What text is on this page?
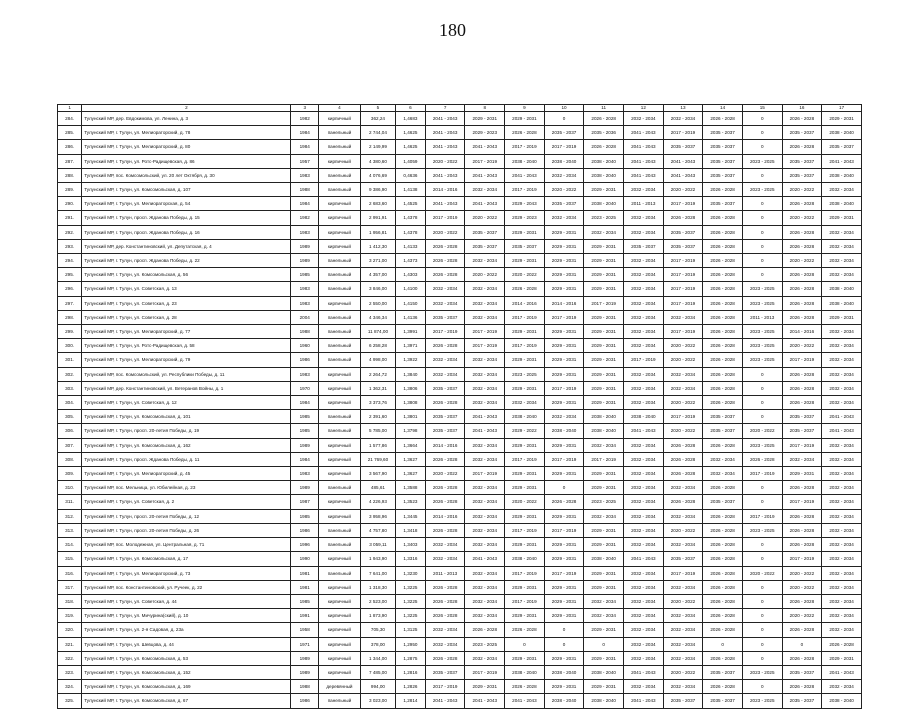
180
1	2	3	4	5	6	7	8	9	10	11	12	13	14	15	16	17
284.	Тулунский МР, дер. Евдокимова, ул. Ленина, д. 3	1982	кирпичный	362,24	1,4683	2041 - 2043	2029 - 2031	2029 - 2031	0	2026 - 2028	2032 - 2034	2032 - 2034	2026 - 2028	0	2026 - 2028	2029 - 2031
285.	Тулунский МР, г. Тулун, ул. Мелиораторский, д. 78	1984	панельный	2 744,04	1,4625	2041 - 2043	2029 - 2023	2026 - 2028	2035 - 2037	2035 - 2036	2041 - 2043	2017 - 2019	2035 - 2037	0	2035 - 2037	2038 - 2040
286.	Тулунский МР, г. Тулун, ул. Мелиораторский, д. 80	1984	панельный	2 149,99	1,4625	2041 - 2043	2041 - 2043	2017 - 2019	2017 - 2019	2026 - 2028	2041 - 2043	2035 - 2037	2035 - 2037	0	2026 - 2028	2035 - 2037
287.	Тулунский МР, г. Тулун, ул. Ротс-Радищевская, д. 86	1957	кирпичный	4 380,60	1,4059	2020 - 2022	2017 - 2019	2038 - 2040	2038 - 2040	2038 - 2040	2041 - 2043	2041 - 2043	2035 - 2037	2023 - 2025	2035 - 2037	2041 - 2043
288.	Тулунский МР, пос. Комсомольский, ул. 20 лет Октября, д. 30	1983	панельный	4 076,69	0,4636	2041 - 2043	2041 - 2043	2041 - 2043	2032 - 2034	2038 - 2040	2041 - 2043	2041 - 2043	2035 - 2037	0	2035 - 2037	2038 - 2040
289.	Тулунский МР, г. Тулун, ул. Комсомольская, д. 107	1988	панельный	9 386,90	1,4138	2014 - 2016	2032 - 2034	2017 - 2019	2020 - 2022	2029 - 2031	2032 - 2034	2020 - 2022	2026 - 2028	2023 - 2025	2020 - 2022	2032 - 2034
290.	Тулунский МР, г. Тулун, ул. Мелиораторская, д. 54	1984	кирпичный	2 683,60	1,4525	2041 - 2043	2041 - 2043	2029 - 2043	2035 - 2037	2038 - 2040	2011 - 2013	2017 - 2019	2035 - 2037	0	2026 - 2028	2038 - 2040
291.	Тулунский МР, г. Тулун, просп. Жданова Победы, д. 15	1982	кирпичный	2 991,91	1,4378	2017 - 2019	2020 - 2022	2029 - 2023	2032 - 2034	2023 - 2025	2032 - 2034	2026 - 2028	2026 - 2028	0	2020 - 2022	2029 - 2031
292.	Тулунский МР, г. Тулун, просп. Жданова Победы, д. 16	1983	кирпичный	1 956,81	1,4378	2020 - 2022	2035 - 2037	2029 - 2031	2029 - 2031	2032 - 2034	2032 - 2034	2035 - 2037	2026 - 2028	0	2026 - 2028	2032 - 2034
293.	Тулунский МР, дер. Константиновский, ул. Депутатская, д. 4	1989	кирпичный	1 412,30	1,4133	2026 - 2028	2035 - 2037	2035 - 2037	2029 - 2031	2029 - 2031	2035 - 2037	2035 - 2037	2026 - 2028	0	2026 - 2028	2032 - 2034
294.	Тулунский МР, г. Тулун, просп. Жданова Победы, д. 22	1989	панельный	3 271,00	1,4373	2026 - 2028	2032 - 2034	2029 - 2031	2029 - 2031	2029 - 2031	2032 - 2034	2017 - 2019	2026 - 2028	0	2020 - 2022	2032 - 2034
295.	Тулунский МР, г. Тулун, ул. Комсомольская, д. 56	1985	панельный	4 357,00	1,4303	2026 - 2028	2020 - 2022	2020 - 2022	2029 - 2031	2029 - 2031	2032 - 2034	2017 - 2019	2026 - 2028	0	2026 - 2028	2032 - 2034
296.	Тулунский МР, г. Тулун, ул. Советская, д. 13	1983	панельный	3 846,00	1,4100	2032 - 2034	2032 - 2034	2026 - 2028	2029 - 2031	2029 - 2031	2032 - 2034	2017 - 2019	2026 - 2028	2023 - 2025	2026 - 2028	2038 - 2040
297.	Тулунский МР, г. Тулун, ул. Советская, д. 23	1983	кирпичный	2 550,00	1,4150	2032 - 2034	2032 - 2034	2014 - 2016	2014 - 2016	2017 - 2019	2032 - 2034	2017 - 2019	2026 - 2028	2023 - 2025	2026 - 2028	2038 - 2040
298.	Тулунский МР, г. Тулун, ул. Советская, д. 28	2004	панельный	4 346,34	1,4136	2035 - 2037	2032 - 2034	2017 - 2019	2017 - 2019	2029 - 2031	2032 - 2034	2032 - 2034	2026 - 2028	2011 - 2013	2026 - 2028	2029 - 2031
299.	Тулунский МР, г. Тулун, ул. Мелиораторский, д. 77	1988	панельный	11 874,00	1,3991	2017 - 2019	2017 - 2019	2029 - 2031	2029 - 2031	2029 - 2031	2032 - 2034	2017 - 2019	2026 - 2028	2023 - 2025	2014 - 2016	2032 - 2034
300.	Тулунский МР, г. Тулун, ул. Ротс-Радищевская, д. 58	1960	панельный	6 258,28	1,3971	2026 - 2028	2017 - 2019	2017 - 2019	2029 - 2031	2029 - 2031	2032 - 2034	2020 - 2022	2026 - 2028	2023 - 2025	2020 - 2022	2032 - 2034
301.	Тулунский МР, г. Тулун, ул. Мелиораторский, д. 79	1986	панельный	4 998,00	1,3922	2032 - 2034	2032 - 2034	2029 - 2031	2029 - 2031	2029 - 2031	2017 - 2019	2020 - 2022	2026 - 2028	2023 - 2025	2017 - 2019	2032 - 2034
302.	Тулунский МР, пос. Комсомольский, ул. Республики Победы, д. 11	1983	кирпичный	2 264,72	1,3840	2032 - 2034	2032 - 2034	2023 - 2025	2029 - 2031	2029 - 2031	2032 - 2034	2032 - 2034	2026 - 2028	0	2026 - 2028	2032 - 2034
303.	Тулунский МР, дер. Константиновский, ул. Ветеранов Войны, д. 1	1970	кирпичный	1 362,31	1,3806	2035 - 2037	2032 - 2034	2029 - 2031	2017 - 2019	2029 - 2031	2032 - 2034	2032 - 2034	2026 - 2028	0	2026 - 2028	2032 - 2034
304.	Тулунский МР, г. Тулун, ул. Советская, д. 12	1984	кирпичный	3 373,76	1,3808	2026 - 2028	2032 - 2034	2032 - 2034	2029 - 2031	2029 - 2031	2032 - 2034	2020 - 2022	2026 - 2028	0	2026 - 2028	2032 - 2034
305.	Тулунский МР, г. Тулун, ул. Комсомольская, д. 101	1985	панельный	2 391,60	1,3801	2035 - 2037	2041 - 2043	2038 - 2040	2032 - 2034	2038 - 2040	2038 - 2040	2017 - 2019	2035 - 2037	0	2035 - 2037	2041 - 2043
306.	Тулунский МР, г. Тулун, просп. 20-летия Победы, д. 19	1985	панельный	5 785,00	1,3798	2035 - 2037	2041 - 2043	2029 - 2022	2038 - 2040	2038 - 2040	2041 - 2043	2020 - 2022	2035 - 2037	2020 - 2022	2035 - 2037	2041 - 2043
307.	Тулунский МР, г. Тулун, ул. Комсомольская, д. 162	1989	кирпичный	1 577,86	1,3664	2014 - 2016	2032 - 2034	2029 - 2031	2029 - 2031	2032 - 2034	2032 - 2034	2026 - 2028	2026 - 2028	2023 - 2025	2017 - 2019	2032 - 2034
308.	Тулунский МР, г. Тулун, просп. Жданова Победы, д. 11	1984	кирпичный	21 769,60	1,3627	2026 - 2028	2032 - 2034	2017 - 2019	2017 - 2019	2017 - 2019	2032 - 2034	2026 - 2028	2032 - 2034	2026 - 2028	2032 - 2034	2032 - 2034
309.	Тулунский МР, г. Тулун, ул. Мелиораторский, д. 45	1983	кирпичный	3 567,90	1,3627	2020 - 2022	2017 - 2019	2029 - 2031	2029 - 2031	2029 - 2031	2032 - 2034	2026 - 2028	2032 - 2034	2017 - 2019	2029 - 2031	2032 - 2034
310.	Тулунский МР, пос. Мельница, ул. Юбилейная, д. 23	1989	панельный	485,61	1,3588	2026 - 2028	2032 - 2034	2029 - 2031	0	2029 - 2031	2032 - 2034	2032 - 2034	2026 - 2028	0	2026 - 2028	2032 - 2034
311.	Тулунский МР, г. Тулун, ул. Советская, д. 2	1987	кирпичный	4 226,93	1,3523	2026 - 2028	2032 - 2034	2020 - 2022	2026 - 2028	2023 - 2025	2032 - 2034	2026 - 2028	2035 - 2037	0	2017 - 2019	2032 - 2034
312.	Тулунский МР, г. Тулун, просп. 20-летия Победы, д. 12	1985	кирпичный	3 958,96	1,3445	2014 - 2016	2032 - 2034	2029 - 2031	2029 - 2031	2032 - 2034	2032 - 2034	2032 - 2034	2026 - 2028	2017 - 2019	2026 - 2028	2032 - 2034
313.	Тулунский МР, г. Тулун, просп. 20-летия Победы, д. 26	1986	панельный	4 757,80	1,3418	2026 - 2028	2032 - 2034	2017 - 2019	2017 - 2019	2029 - 2031	2032 - 2034	2020 - 2022	2026 - 2028	2023 - 2025	2026 - 2028	2032 - 2034
314.	Тулунский МР, пос. Молодежная, ул. Центральная, д. 71	1996	панельный	3 059,11	1,3403	2032 - 2034	2032 - 2034	2029 - 2031	2029 - 2031	2029 - 2031	2032 - 2034	2032 - 2034	2026 - 2028	0	2026 - 2028	2032 - 2034
315.	Тулунский МР, г. Тулун, ул. Комсомольская, д. 17	1990	кирпичный	1 943,90	1,3316	2032 - 2034	2041 - 2043	2038 - 2040	2029 - 2031	2038 - 2040	2041 - 2043	2035 - 2037	2026 - 2028	0	2017 - 2019	2032 - 2034
316.	Тулунский МР, г. Тулун, ул. Мелиораторский, д. 73	1981	панельный	7 641,00	1,3230	2011 - 2013	2032 - 2034	2017 - 2019	2017 - 2019	2029 - 2031	2032 - 2034	2017 - 2019	2026 - 2028	2020 - 2022	2020 - 2022	2032 - 2034
317.	Тулунский МР, пос. Константиновский, ул. Ручеек, д. 22	1981	кирпичный	1 318,30	1,3225	2026 - 2028	2032 - 2034	2029 - 2031	2029 - 2031	2029 - 2031	2032 - 2034	2032 - 2034	2026 - 2028	0	2020 - 2022	2032 - 2034
318.	Тулунский МР, г. Тулун, ул. Советская, д. 44	1985	кирпичный	2 523,00	1,3225	2026 - 2028	2032 - 2034	2017 - 2019	2029 - 2031	2032 - 2034	2032 - 2034	2020 - 2022	2026 - 2028	0	2026 - 2028	2032 - 2034
319.	Тулунский МР, г. Тулун, ул. Мичурина(ский), д. 10	1991	кирпичный	1 873,90	1,3225	2026 - 2028	2032 - 2034	2029 - 2031	2029 - 2031	2032 - 2034	2032 - 2034	2032 - 2034	2026 - 2028	0	2020 - 2022	2032 - 2034
320.	Тулунский МР, г. Тулун, ул. 2-я Садовая, д. 23а	1958	кирпичный	705,30	1,3125	2032 - 2034	2026 - 2028	2026 - 2028	0	2029 - 2031	2032 - 2034	2032 - 2034	2026 - 2028	0	2026 - 2028	2032 - 2034
321.	Тулунский МР, г. Тулун, ул. Шевцова, д. 44	1971	кирпичный	378,00	1,2950	2032 - 2034	2023 - 2025	0	0	0	2032 - 2034	2032 - 2034	0	0	0	2026 - 2028
322.	Тулунский МР, г. Тулун, ул. Комсомольская, д. 53	1989	кирпичный	1 344,00	1,2875	2026 - 2028	2032 - 2034	2029 - 2031	2029 - 2031	2029 - 2031	2032 - 2034	2032 - 2034	2026 - 2028	0	2026 - 2028	2029 - 2031
323.	Тулунский МР, г. Тулун, ул. Комсомольская, д. 152	1989	кирпичный	7 485,00	1,2816	2035 - 2037	2017 - 2019	2038 - 2040	2038 - 2040	2038 - 2040	2041 - 2043	2020 - 2022	2035 - 2037	2023 - 2025	2035 - 2037	2041 - 2043
324.	Тулунский МР, г. Тулун, ул. Комсомольская, д. 169	1988	деревянный	994,00	1,2826	2017 - 2019	2029 - 2031	2026 - 2028	2029 - 2031	2029 - 2031	2032 - 2034	2032 - 2034	2026 - 2028	0	2026 - 2028	2032 - 2034
325.	Тулунский МР, г. Тулун, ул. Комсомольская, д. 67	1986	панельный	3 023,00	1,2814	2041 - 2043	2041 - 2043	2041 - 2043	2038 - 2040	2038 - 2040	2041 - 2043	2035 - 2037	2035 - 2037	2023 - 2025	2035 - 2037	2038 - 2040
